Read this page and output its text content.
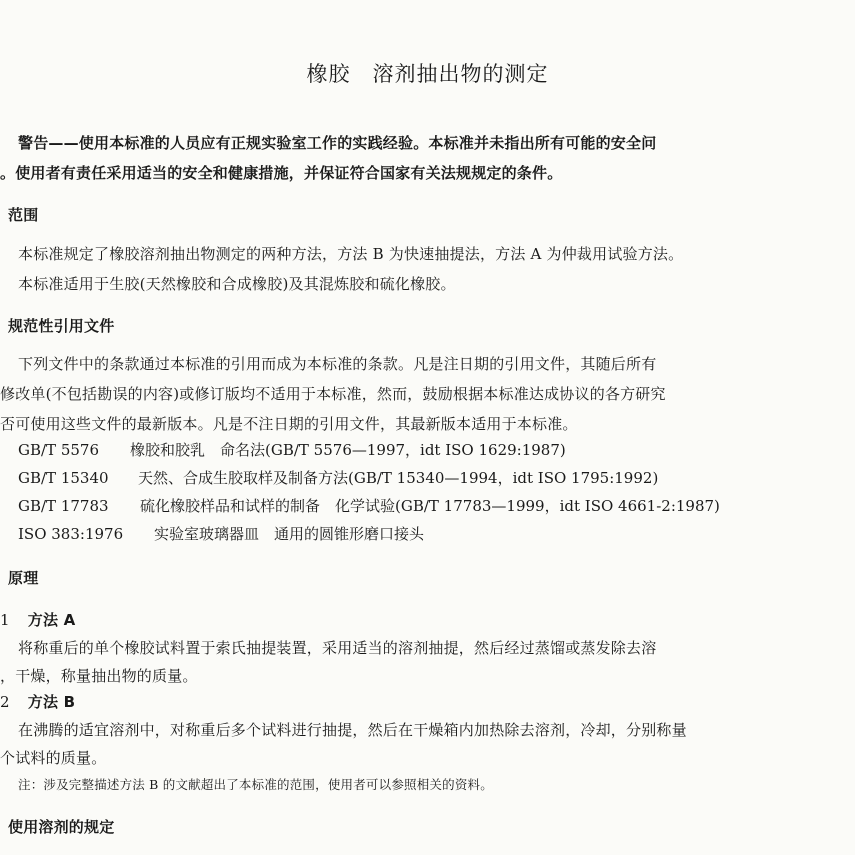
橡胶　溶剂抽出物的测定
警告——使用本标准的人员应有正规实验室工作的实践经验。本标准并未指出所有可能的安全问
。使用者有责任采用适当的安全和健康措施，并保证符合国家有关法规规定的条件。
范围
本标准规定了橡胶溶剂抽出物测定的两种方法，方法 B 为快速抽提法，方法 A 为仲裁用试验方法。
本标准适用于生胶(天然橡胶和合成橡胶)及其混炼胶和硫化橡胶。
规范性引用文件
下列文件中的条款通过本标准的引用而成为本标准的条款。凡是注日期的引用文件，其随后所有
修改单(不包括勘误的内容)或修订版均不适用于本标准，然而，鼓励根据本标准达成协议的各方研究
否可使用这些文件的最新版本。凡是不注日期的引用文件，其最新版本适用于本标准。
GB/T 5576 橡胶和胶乳　命名法(GB/T 5576—1997，idt ISO 1629:1987)
GB/T 15340 天然、合成生胶取样及制备方法(GB/T 15340—1994，idt ISO 1795:1992)
GB/T 17783 硫化橡胶样品和试样的制备　化学试验(GB/T 17783—1999，idt ISO 4661-2:1987)
ISO 383:1976 实验室玻璃器皿　通用的圆锥形磨口接头
原理
1 方法 A
将称重后的单个橡胶试料置于索氏抽提装置，采用适当的溶剂抽提，然后经过蒸馏或蒸发除去溶
，干燥，称量抽出物的质量。
2 方法 B
在沸腾的适宜溶剂中，对称重后多个试料进行抽提，然后在干燥箱内加热除去溶剂，冷却，分别称量
个试料的质量。
注：涉及完整描述方法 B 的文献超出了本标准的范围，使用者可以参照相关的资料。
使用溶剂的规定
